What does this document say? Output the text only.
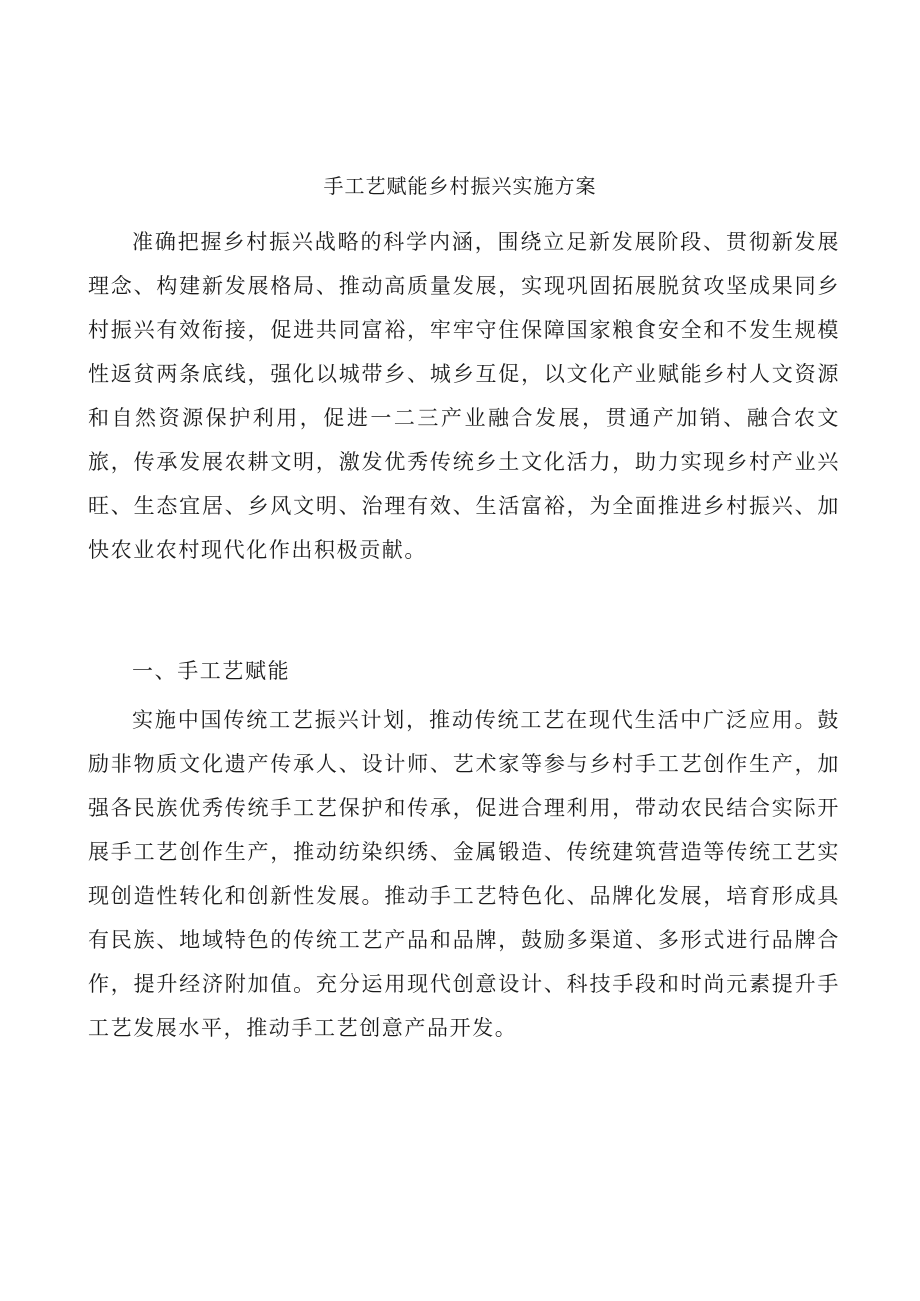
手工艺赋能乡村振兴实施方案

准确把握乡村振兴战略的科学内涵，围绕立足新发展阶段、贯彻新发展理念、构建新发展格局、推动高质量发展，实现巩固拓展脱贫攻坚成果同乡村振兴有效衔接，促进共同富裕，牢牢守住保障国家粮食安全和不发生规模性返贫两条底线，强化以城带乡、城乡互促，以文化产业赋能乡村人文资源和自然资源保护利用，促进一二三产业融合发展，贯通产加销、融合农文旅，传承发展农耕文明，激发优秀传统乡土文化活力，助力实现乡村产业兴旺、生态宜居、乡风文明、治理有效、生活富裕，为全面推进乡村振兴、加快农业农村现代化作出积极贡献。

一、手工艺赋能

实施中国传统工艺振兴计划，推动传统工艺在现代生活中广泛应用。鼓励非物质文化遗产传承人、设计师、艺术家等参与乡村手工艺创作生产，加强各民族优秀传统手工艺保护和传承，促进合理利用，带动农民结合实际开展手工艺创作生产，推动纺染织绣、金属锻造、传统建筑营造等传统工艺实现创造性转化和创新性发展。推动手工艺特色化、品牌化发展，培育形成具有民族、地域特色的传统工艺产品和品牌，鼓励多渠道、多形式进行品牌合作，提升经济附加值。充分运用现代创意设计、科技手段和时尚元素提升手工艺发展水平，推动手工艺创意产品开发。
